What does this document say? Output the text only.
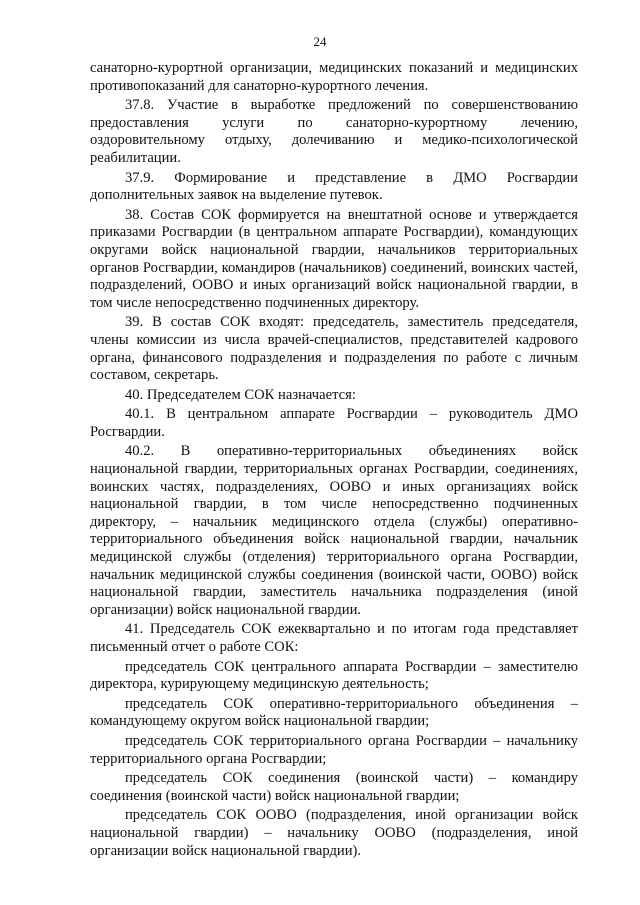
24

санаторно-курортной организации, медицинских показаний и медицинских противопоказаний для санаторно-курортного лечения.

37.8. Участие в выработке предложений по совершенствованию предоставления услуги по санаторно-курортному лечению, оздоровительному отдыху, долечиванию и медико-психологической реабилитации.

37.9. Формирование и представление в ДМО Росгвардии дополнительных заявок на выделение путевок.

38. Состав СОК формируется на внештатной основе и утверждается приказами Росгвардии (в центральном аппарате Росгвардии), командующих округами войск национальной гвардии, начальников территориальных органов Росгвардии, командиров (начальников) соединений, воинских частей, подразделений, ООВО и иных организаций войск национальной гвардии, в том числе непосредственно подчиненных директору.

39. В состав СОК входят: председатель, заместитель председателя, члены комиссии из числа врачей-специалистов, представителей кадрового органа, финансового подразделения и подразделения по работе с личным составом, секретарь.

40. Председателем СОК назначается:

40.1. В центральном аппарате Росгвардии – руководитель ДМО Росгвардии.

40.2. В оперативно-территориальных объединениях войск национальной гвардии, территориальных органах Росгвардии, соединениях, воинских частях, подразделениях, ООВО и иных организациях войск национальной гвардии, в том числе непосредственно подчиненных директору, – начальник медицинского отдела (службы) оперативно-территориального объединения войск национальной гвардии, начальник медицинской службы (отделения) территориального органа Росгвардии, начальник медицинской службы соединения (воинской части, ООВО) войск национальной гвардии, заместитель начальника подразделения (иной организации) войск национальной гвардии.

41. Председатель СОК ежеквартально и по итогам года представляет письменный отчет о работе СОК:

председатель СОК центрального аппарата Росгвардии – заместителю директора, курирующему медицинскую деятельность;

председатель СОК оперативно-территориального объединения – командующему округом войск национальной гвардии;

председатель СОК территориального органа Росгвардии – начальнику территориального органа Росгвардии;

председатель СОК соединения (воинской части) – командиру соединения (воинской части) войск национальной гвардии;

председатель СОК ООВО (подразделения, иной организации войск национальной гвардии) – начальнику ООВО (подразделения, иной организации войск национальной гвардии).
